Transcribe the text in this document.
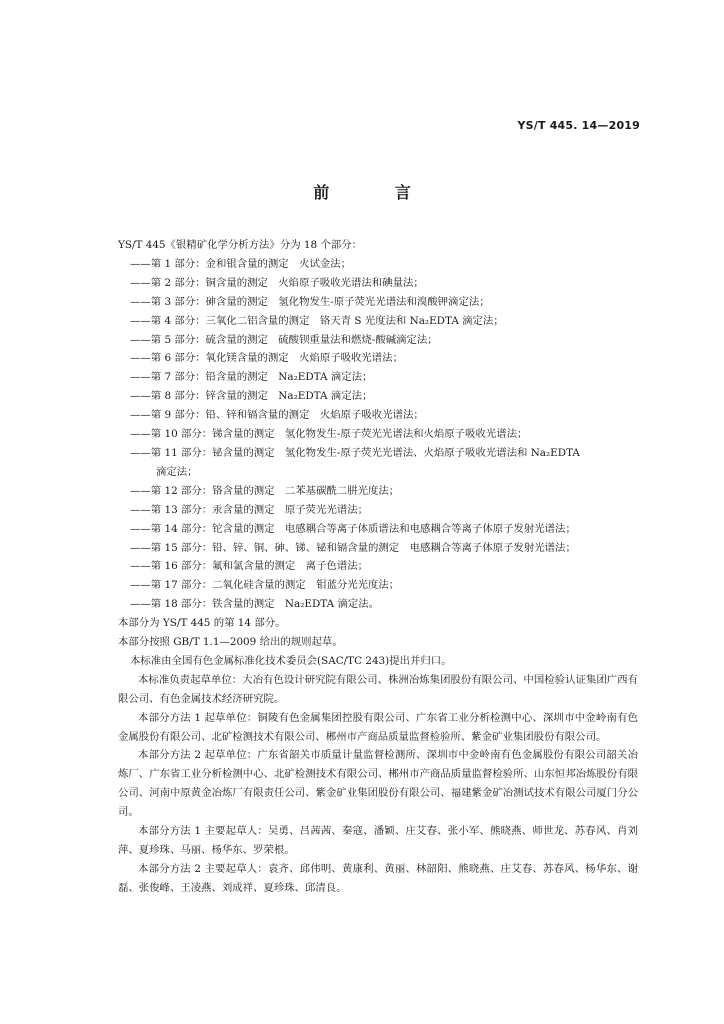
YS/T 445. 14—2019
前 言
YS/T 445《银精矿化学分析方法》分为 18 个部分：
——第 1 部分：金和银含量的测定　火试金法；
——第 2 部分：铜含量的测定　火焰原子吸收光谱法和碘量法；
——第 3 部分：砷含量的测定　氢化物发生-原子荧光光谱法和溴酸钾滴定法；
——第 4 部分：三氧化二铝含量的测定　铬天青 S 光度法和 Na₂EDTA 滴定法；
——第 5 部分：硫含量的测定　硫酸钡重量法和燃烧-酸碱滴定法；
——第 6 部分：氧化镁含量的测定　火焰原子吸收光谱法；
——第 7 部分：铅含量的测定　Na₂EDTA 滴定法；
——第 8 部分：锌含量的测定　Na₂EDTA 滴定法；
——第 9 部分：铅、锌和镉含量的测定　火焰原子吸收光谱法；
——第 10 部分：锑含量的测定　氢化物发生-原子荧光光谱法和火焰原子吸收光谱法；
——第 11 部分：铋含量的测定　氢化物发生-原子荧光光谱法、火焰原子吸收光谱法和 Na₂EDTA
滴定法；
——第 12 部分：铬含量的测定　二苯基碳酰二肼光度法；
——第 13 部分：汞含量的测定　原子荧光光谱法；
——第 14 部分：铊含量的测定　电感耦合等离子体质谱法和电感耦合等离子体原子发射光谱法；
——第 15 部分：铅、锌、铜、砷、锑、铋和镉含量的测定　电感耦合等离子体原子发射光谱法；
——第 16 部分：氟和氯含量的测定　离子色谱法；
——第 17 部分：二氧化硅含量的测定　钼蓝分光光度法；
——第 18 部分：铁含量的测定　Na₂EDTA 滴定法。
本部分为 YS/T 445 的第 14 部分。
本部分按照 GB/T 1.1—2009 给出的规则起草。
本标准由全国有色金属标准化技术委员会(SAC/TC 243)提出并归口。

本标准负责起草单位：大冶有色设计研究院有限公司、株洲冶炼集团股份有限公司、中国检验认证集团广西有限公司、有色金属技术经济研究院。

本部分方法 1 起草单位：铜陵有色金属集团控股有限公司、广东省工业分析检测中心、深圳市中金岭南有色金属股份有限公司、北矿检测技术有限公司、郴州市产商品质量监督检验所、紫金矿业集团股份有限公司。

本部分方法 2 起草单位：广东省韶关市质量计量监督检测所、深圳市中金岭南有色金属股份有限公司韶关冶炼厂、广东省工业分析检测中心、北矿检测技术有限公司、郴州市产商品质量监督检验所、山东恒邦冶炼股份有限公司、河南中原黄金冶炼厂有限责任公司、紫金矿业集团股份有限公司、福建紫金矿冶测试技术有限公司厦门分公司。

本部分方法 1 主要起草人：吴勇、吕茜茜、秦寇、潘颖、庄艾春、张小军、熊晓燕、师世龙、苏春风、肖刘萍、夏珍珠、马丽、杨华东、罗荣根。

本部分方法 2 主要起草人：袁齐、邱伟明、黄康利、黄丽、林韶阳、熊晓燕、庄艾春、苏春风、杨华东、谢磊、张俊峰、王凌燕、刘成祥、夏珍珠、邱清良。
